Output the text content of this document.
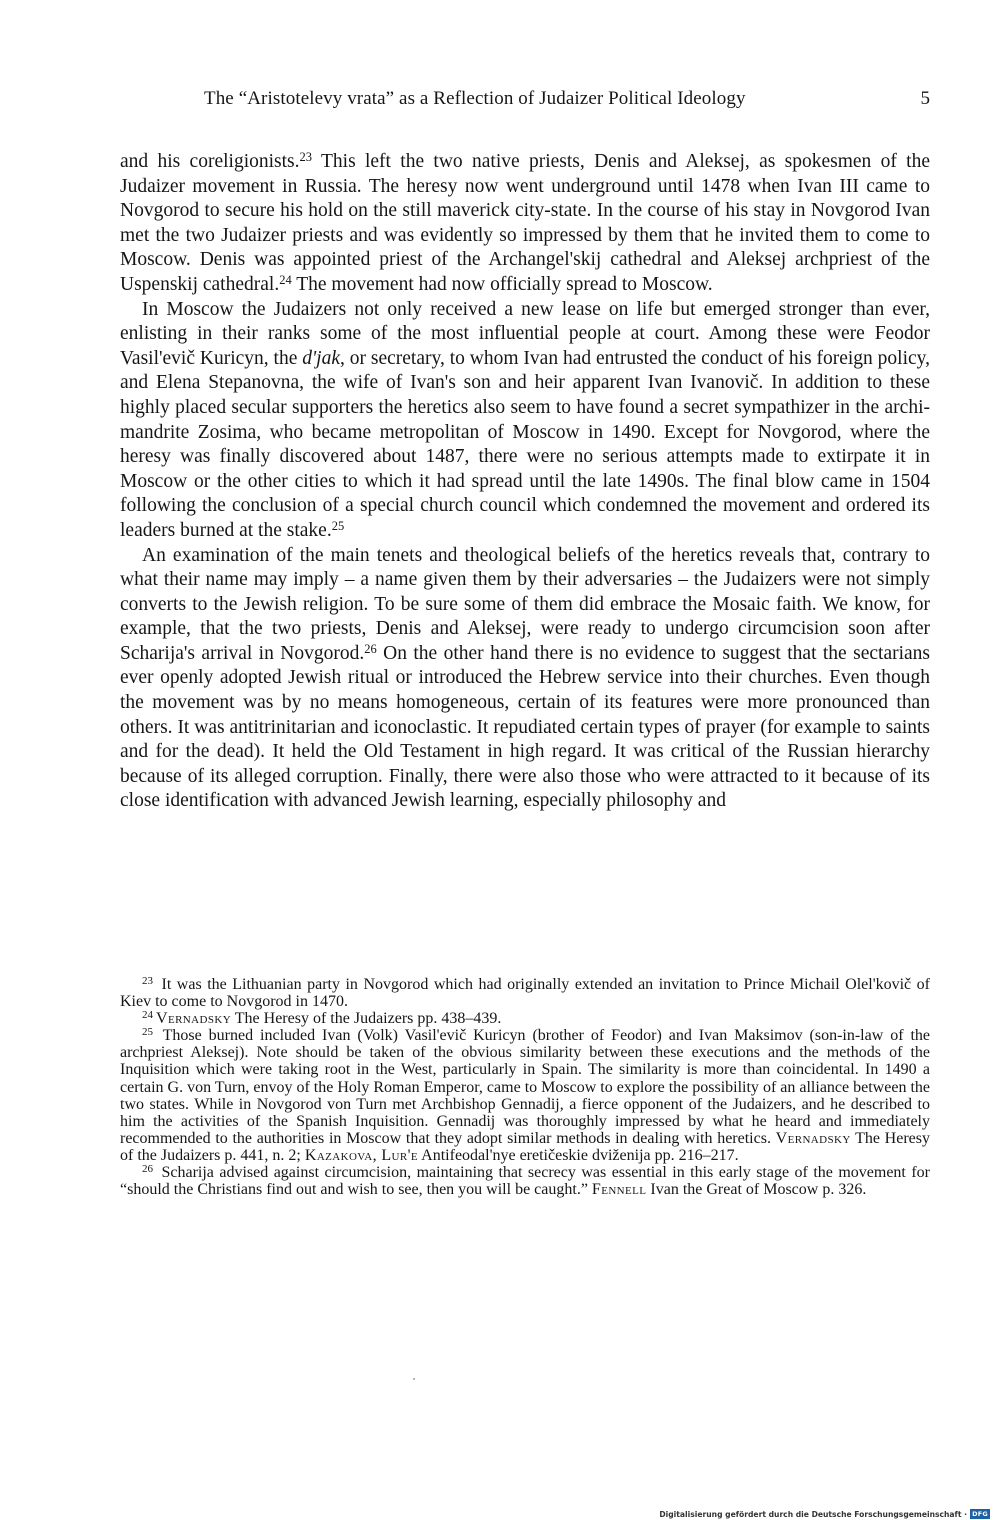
The “Aristotelevy vrata” as a Reflection of Judaizer Political Ideology	5

and his coreligionists.$^{23}$ This left the two native priests, Denis and Aleksej, as spokesmen of the Judaizer movement in Russia. The heresy now went underground until 1478 when Ivan III came to Novgorod to secure his hold on the still maverick city-state. In the course of his stay in Novgorod Ivan met the two Judaizer priests and was evidently so impressed by them that he invited them to come to Moscow. Denis was appointed priest of the Archangel'skij cathedral and Aleksej archpriest of the Uspenskij cathedral.$^{24}$ The movement had now officially spread to Moscow.

In Moscow the Judaizers not only received a new lease on life but emerged stronger than ever, enlisting in their ranks some of the most influential people at court. Among these were Feodor Vasil'evič Kuricyn, the d'jak, or secretary, to whom Ivan had entrusted the conduct of his foreign policy, and Elena Stepanovna, the wife of Ivan's son and heir apparent Ivan Ivanovič. In addition to these highly placed secular supporters the heretics also seem to have found a secret sympathizer in the archimandrite Zosima, who became metropolitan of Moscow in 1490. Except for Novgorod, where the heresy was finally discovered about 1487, there were no serious attempts made to extirpate it in Moscow or the other cities to which it had spread until the late 1490s. The final blow came in 1504 following the conclusion of a special church council which condemned the movement and ordered its leaders burned at the stake.$^{25}$

An examination of the main tenets and theological beliefs of the heretics reveals that, contrary to what their name may imply – a name given them by their adversaries – the Judaizers were not simply converts to the Jewish religion. To be sure some of them did embrace the Mosaic faith. We know, for example, that the two priests, Denis and Aleksej, were ready to undergo circumcision soon after Scharija's arrival in Novgorod.$^{26}$ On the other hand there is no evidence to suggest that the sectarians ever openly adopted Jewish ritual or introduced the Hebrew service into their churches. Even though the movement was by no means homogeneous, certain of its features were more pronounced than others. It was antitrinitarian and iconoclastic. It repudiated certain types of prayer (for example to saints and for the dead). It held the Old Testament in high regard. It was critical of the Russian hierarchy because of its alleged corruption. Finally, there were also those who were attracted to it because of its close identification with advanced Jewish learning, especially philosophy and

$^{23}$ It was the Lithuanian party in Novgorod which had originally extended an invitation to Prince Michail Olel'kovič of Kiev to come to Novgorod in 1470.

$^{24}$ Vernadsky The Heresy of the Judaizers pp. 438–439.

$^{25}$ Those burned included Ivan (Volk) Vasil'evič Kuricyn (brother of Feodor) and Ivan Maksimov (son-in-law of the archpriest Aleksej). Note should be taken of the obvious similarity between these executions and the methods of the Inquisition which were taking root in the West, particularly in Spain. The similarity is more than coincidental. In 1490 a certain G. von Turn, envoy of the Holy Roman Emperor, came to Moscow to explore the possibility of an alliance between the two states. While in Novgorod von Turn met Archbishop Gennadij, a fierce opponent of the Judaizers, and he described to him the activities of the Spanish Inquisition. Gennadij was thoroughly impressed by what he heard and immediately recommended to the authorities in Moscow that they adopt similar methods in dealing with heretics. Vernadsky The Heresy of the Judaizers p. 441, n. 2; Kazakova, Lur'e Antifeodal'nye eretičeskie dviženija pp. 216–217.

$^{26}$ Scharija advised against circumcision, maintaining that secrecy was essential in this early stage of the movement for “should the Christians find out and wish to see, then you will be caught.” Fennell Ivan the Great of Moscow p. 326.

Digitalisierung gefördert durch die Deutsche Forschungsgemeinschaft · DFG
